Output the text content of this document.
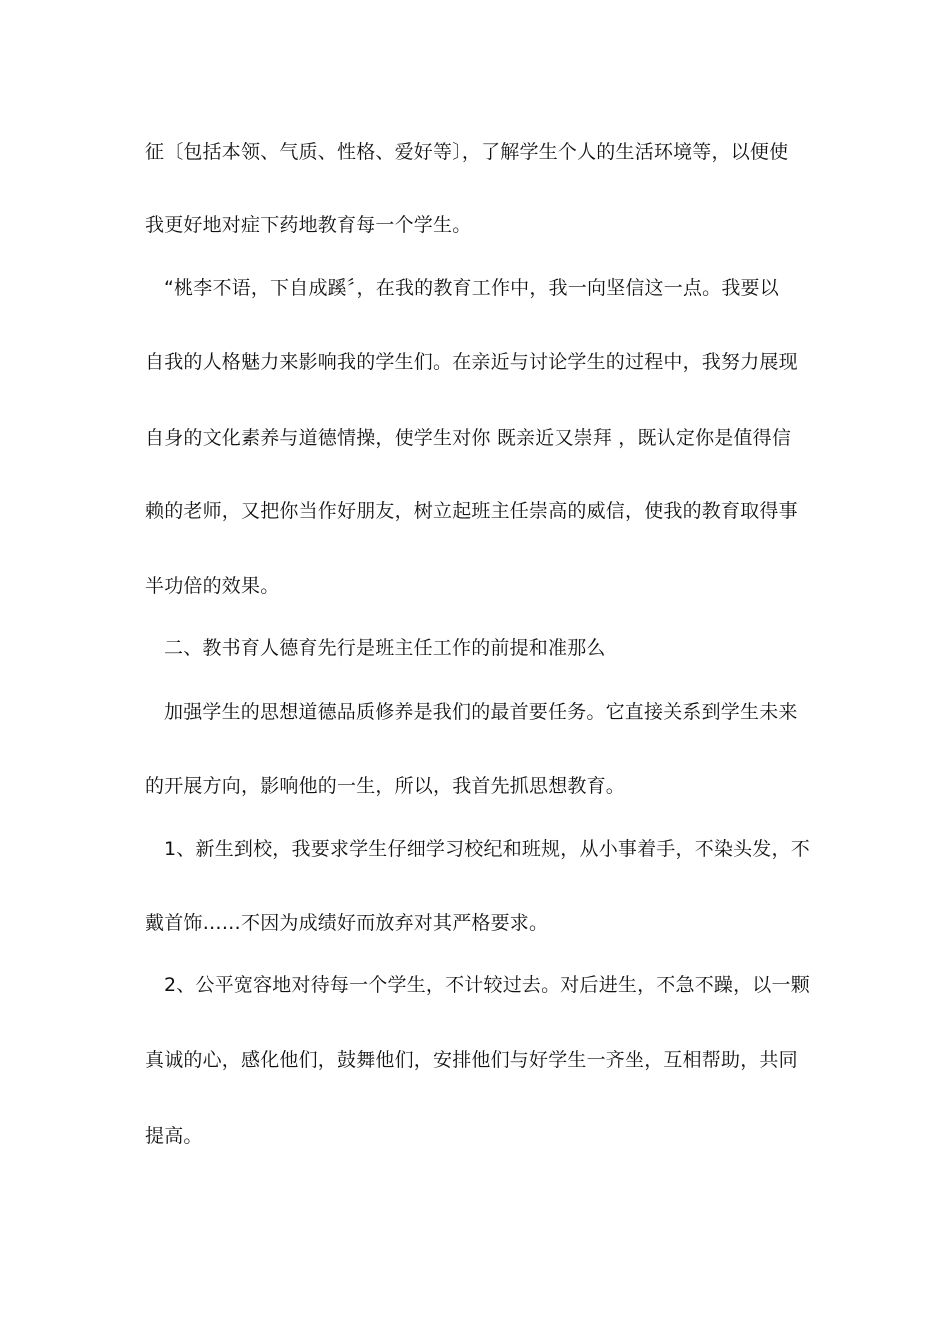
征〔包括本领、气质、性格、爱好等〕，了解学生个人的生活环境等，以便使
我更好地对症下药地教育每一个学生。
“桃李不语，下自成蹊〞，在我的教育工作中，我一向坚信这一点。我要以
自我的人格魅力来影响我的学生们。在亲近与讨论学生的过程中，我努力展现
自身的文化素养与道德情操，使学生对你 既亲近又崇拜 ，既认定你是值得信
赖的老师，又把你当作好朋友，树立起班主任崇高的威信，使我的教育取得事
半功倍的效果。
二、教书育人德育先行是班主任工作的前提和准那么
加强学生的思想道德品质修养是我们的最首要任务。它直接关系到学生未来
的开展方向，影响他的一生，所以，我首先抓思想教育。
1、新生到校，我要求学生仔细学习校纪和班规，从小事着手，不染头发，不
戴首饰……不因为成绩好而放弃对其严格要求。
2、公平宽容地对待每一个学生，不计较过去。对后进生，不急不躁，以一颗
真诚的心，感化他们，鼓舞他们，安排他们与好学生一齐坐，互相帮助，共同
提高。
